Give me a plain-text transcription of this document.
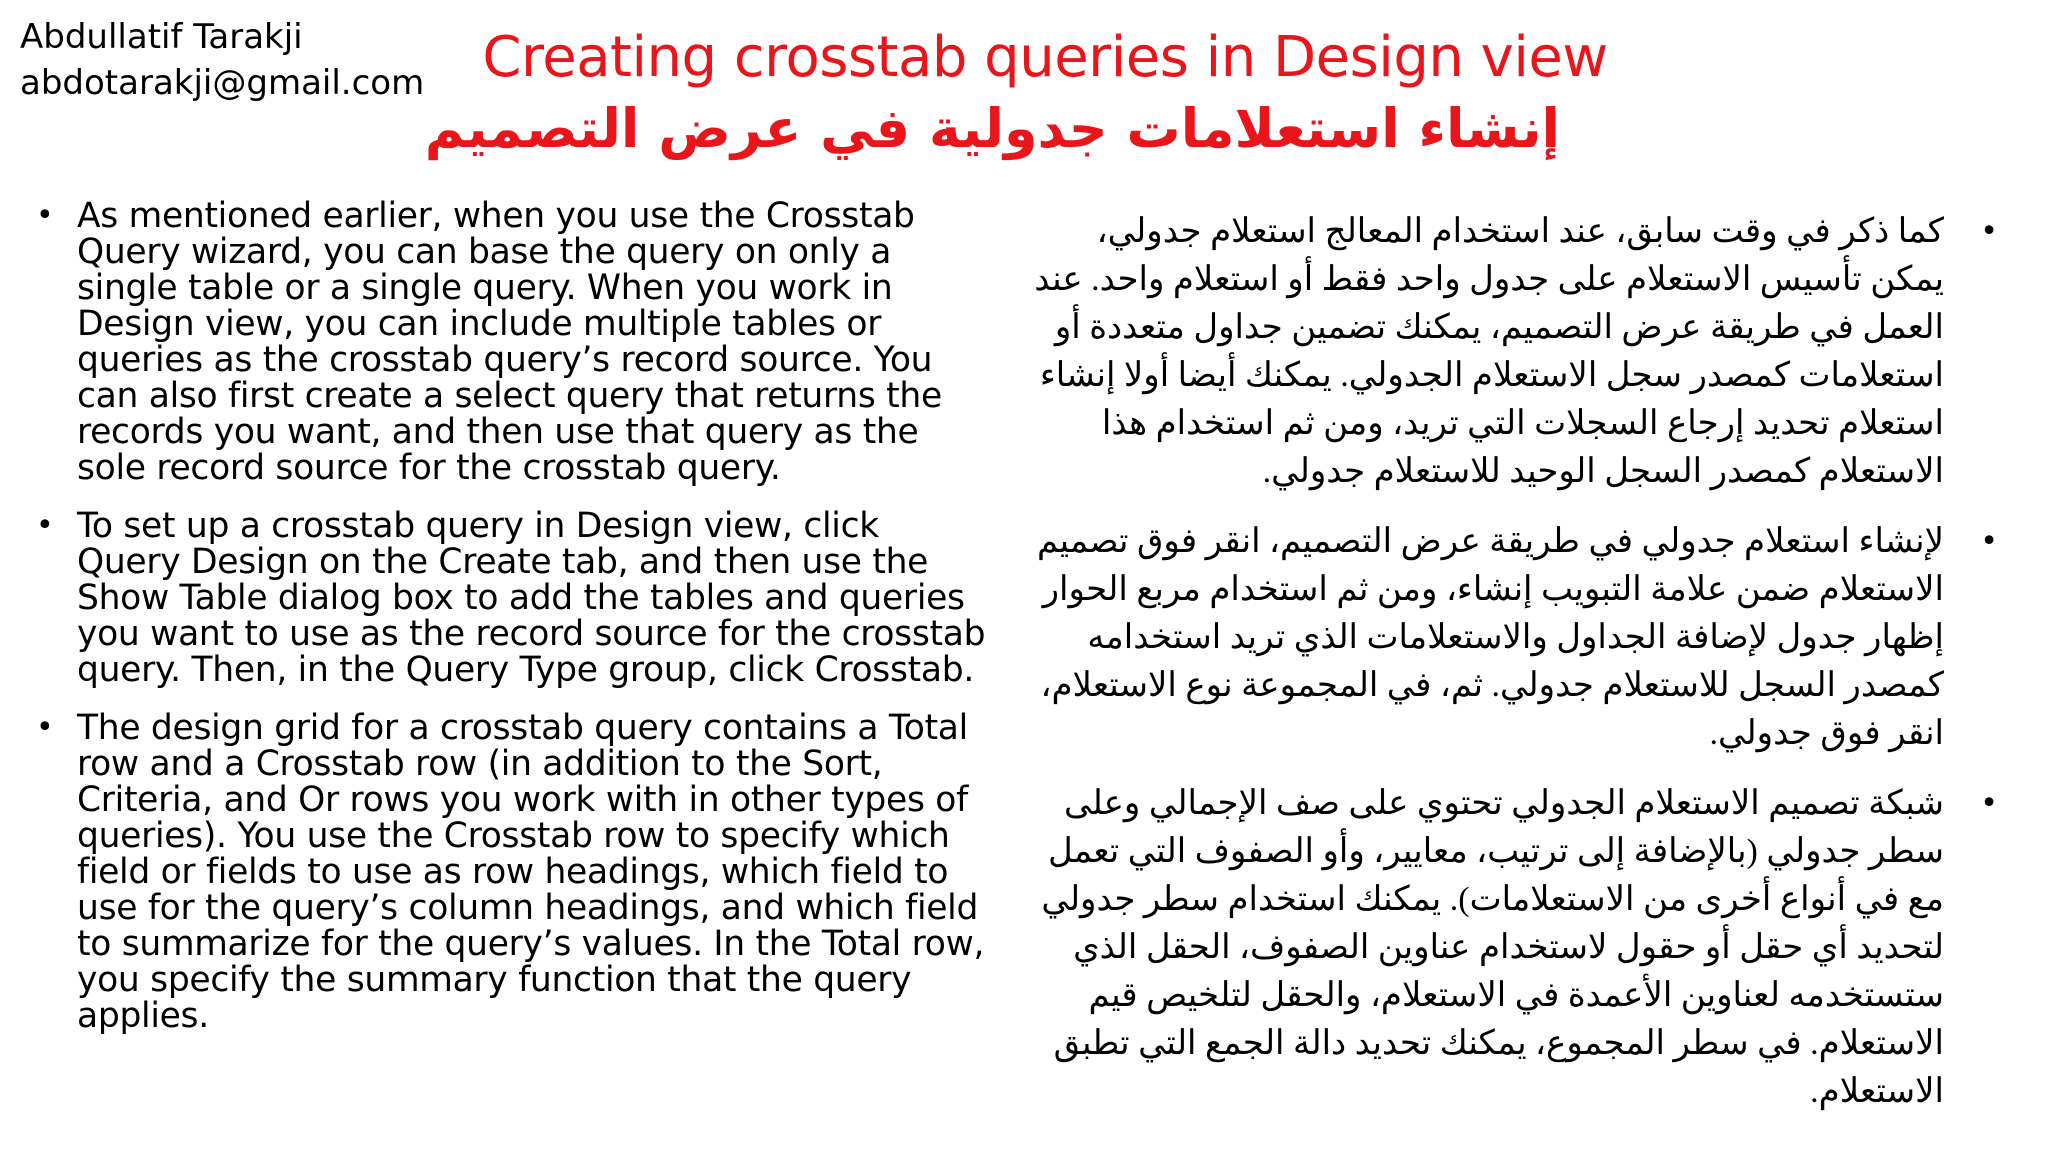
Abdullatif Tarakji
abdotarakji@gmail.com Creating crosstab queries in Design view
إنشاء استعلامات جدولية في عرض التصميم
• As mentioned earlier, when you use the Crosstab Query wizard, you can base the query on only a single table or a single query. When you work in Design view, you can include multiple tables or queries as the crosstab query’s record source. You can also first create a select query that returns the records you want, and then use that query as the sole record source for the crosstab query.
• To set up a crosstab query in Design view, click Query Design on the Create tab, and then use the Show Table dialog box to add the tables and queries you want to use as the record source for the crosstab query. Then, in the Query Type group, click Crosstab.
• The design grid for a crosstab query contains a Total row and a Crosstab row (in addition to the Sort, Criteria, and Or rows you work with in other types of queries). You use the Crosstab row to specify which field or fields to use as row headings, which field to use for the query’s column headings, and which field to summarize for the query’s values. In the Total row, you specify the summary function that the query applies.
•
كما ذكر في وقت سابق، عند استخدام المعالج استعلام جدولي، يمكن تأسيس الاستعلام على جدول واحد فقط أو استعلام واحد. عند العمل في طريقة عرض التصميم، يمكنك تضمين جداول متعددة أو استعلامات كمصدر سجل الاستعلام الجدولي. يمكنك أيضا أولا إنشاء استعلام تحديد إرجاع السجلات التي تريد، ومن ثم استخدام هذا الاستعلام كمصدر السجل الوحيد للاستعلام جدولي.
•
لإنشاء استعلام جدولي في طريقة عرض التصميم، انقر فوق تصميم الاستعلام ضمن علامة التبويب إنشاء، ومن ثم استخدام مربع الحوار إظهار جدول لإضافة الجداول والاستعلامات الذي تريد استخدامه كمصدر السجل للاستعلام جدولي. ثم، في المجموعة نوع الاستعلام، انقر فوق جدولي.
•
شبكة تصميم الاستعلام الجدولي تحتوي على صف الإجمالي وعلى سطر جدولي (بالإضافة إلى ترتيب، معايير، وأو الصفوف التي تعمل مع في أنواع أخرى من الاستعلامات). يمكنك استخدام سطر جدولي لتحديد أي حقل أو حقول لاستخدام عناوين الصفوف، الحقل الذي ستستخدمه لعناوين الأعمدة في الاستعلام، والحقل لتلخيص قيم الاستعلام. في سطر المجموع، يمكنك تحديد دالة الجمع التي تطبق الاستعلام.
